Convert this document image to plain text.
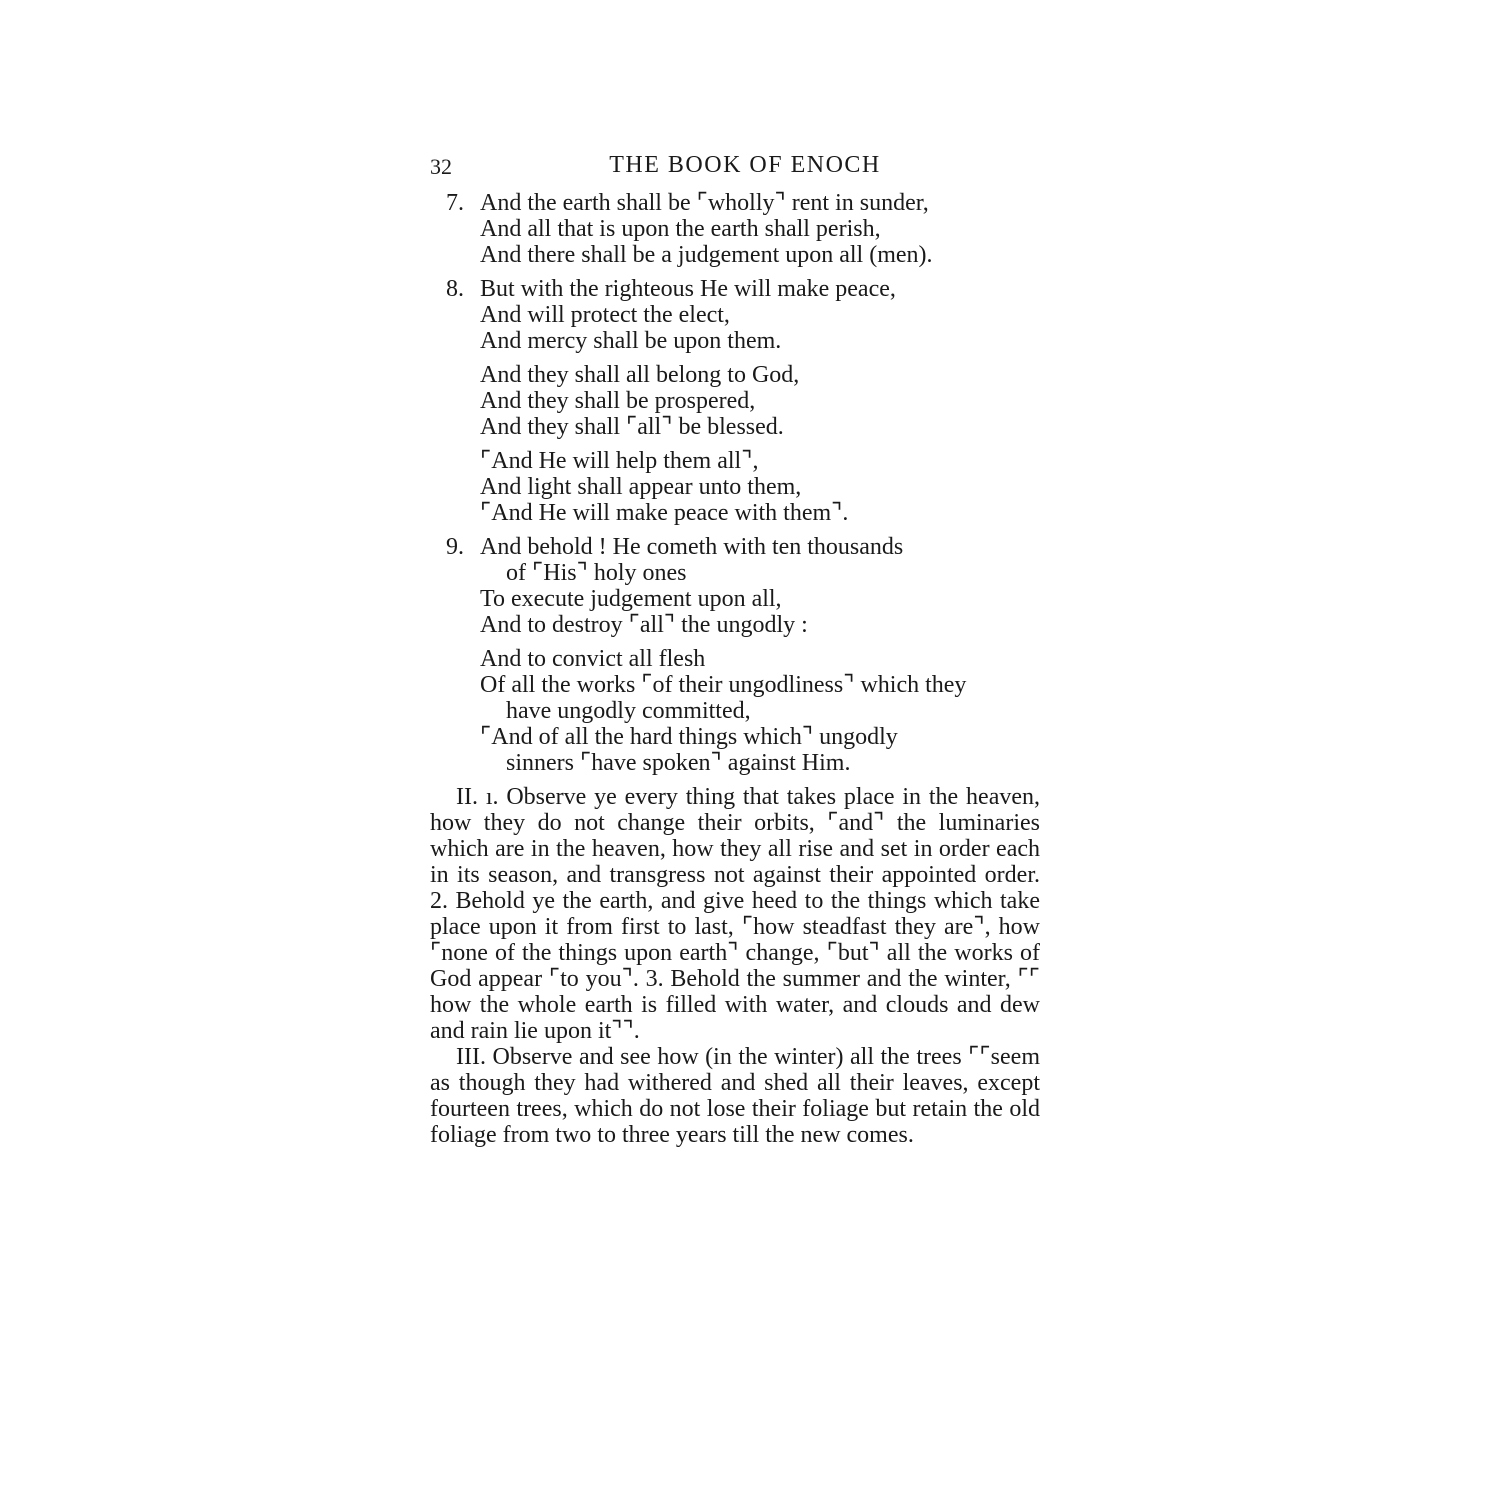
32	THE BOOK OF ENOCH
7. And the earth shall be ⌜wholly⌝ rent in sunder,
And all that is upon the earth shall perish,
And there shall be a judgement upon all (men).
8. But with the righteous He will make peace,
And will protect the elect,
And mercy shall be upon them.
And they shall all belong to God,
And they shall be prospered,
And they shall ⌜all⌝ be blessed.
⌜And He will help them all⌝,
And light shall appear unto them,
⌜And He will make peace with them⌝.
9. And behold ! He cometh with ten thousands
of ⌜His⌝ holy ones
To execute judgement upon all,
And to destroy ⌜all⌝ the ungodly :
And to convict all flesh
Of all the works ⌜of their ungodliness⌝ which they
have ungodly committed,
⌜And of all the hard things which⌝ ungodly
sinners ⌜have spoken⌝ against Him.

II. ı. Observe ye every thing that takes place in the heaven, how they do not change their orbits, ⌜and⌝ the luminaries which are in the heaven, how they all rise and set in order each in its season, and transgress not against their appointed order. 2. Behold ye the earth, and give heed to the things which take place upon it from first to last, ⌜how steadfast they are⌝, how ⌜none of the things upon earth⌝ change, ⌜but⌝ all the works of God appear ⌜to you⌝. 3. Behold the summer and the winter, ⌜⌜ how the whole earth is filled with water, and clouds and dew and rain lie upon it⌝⌝.

III. Observe and see how (in the winter) all the trees ⌜⌜seem as though they had withered and shed all their leaves, except fourteen trees, which do not lose their foliage but retain the old foliage from two to three years till the new comes.
